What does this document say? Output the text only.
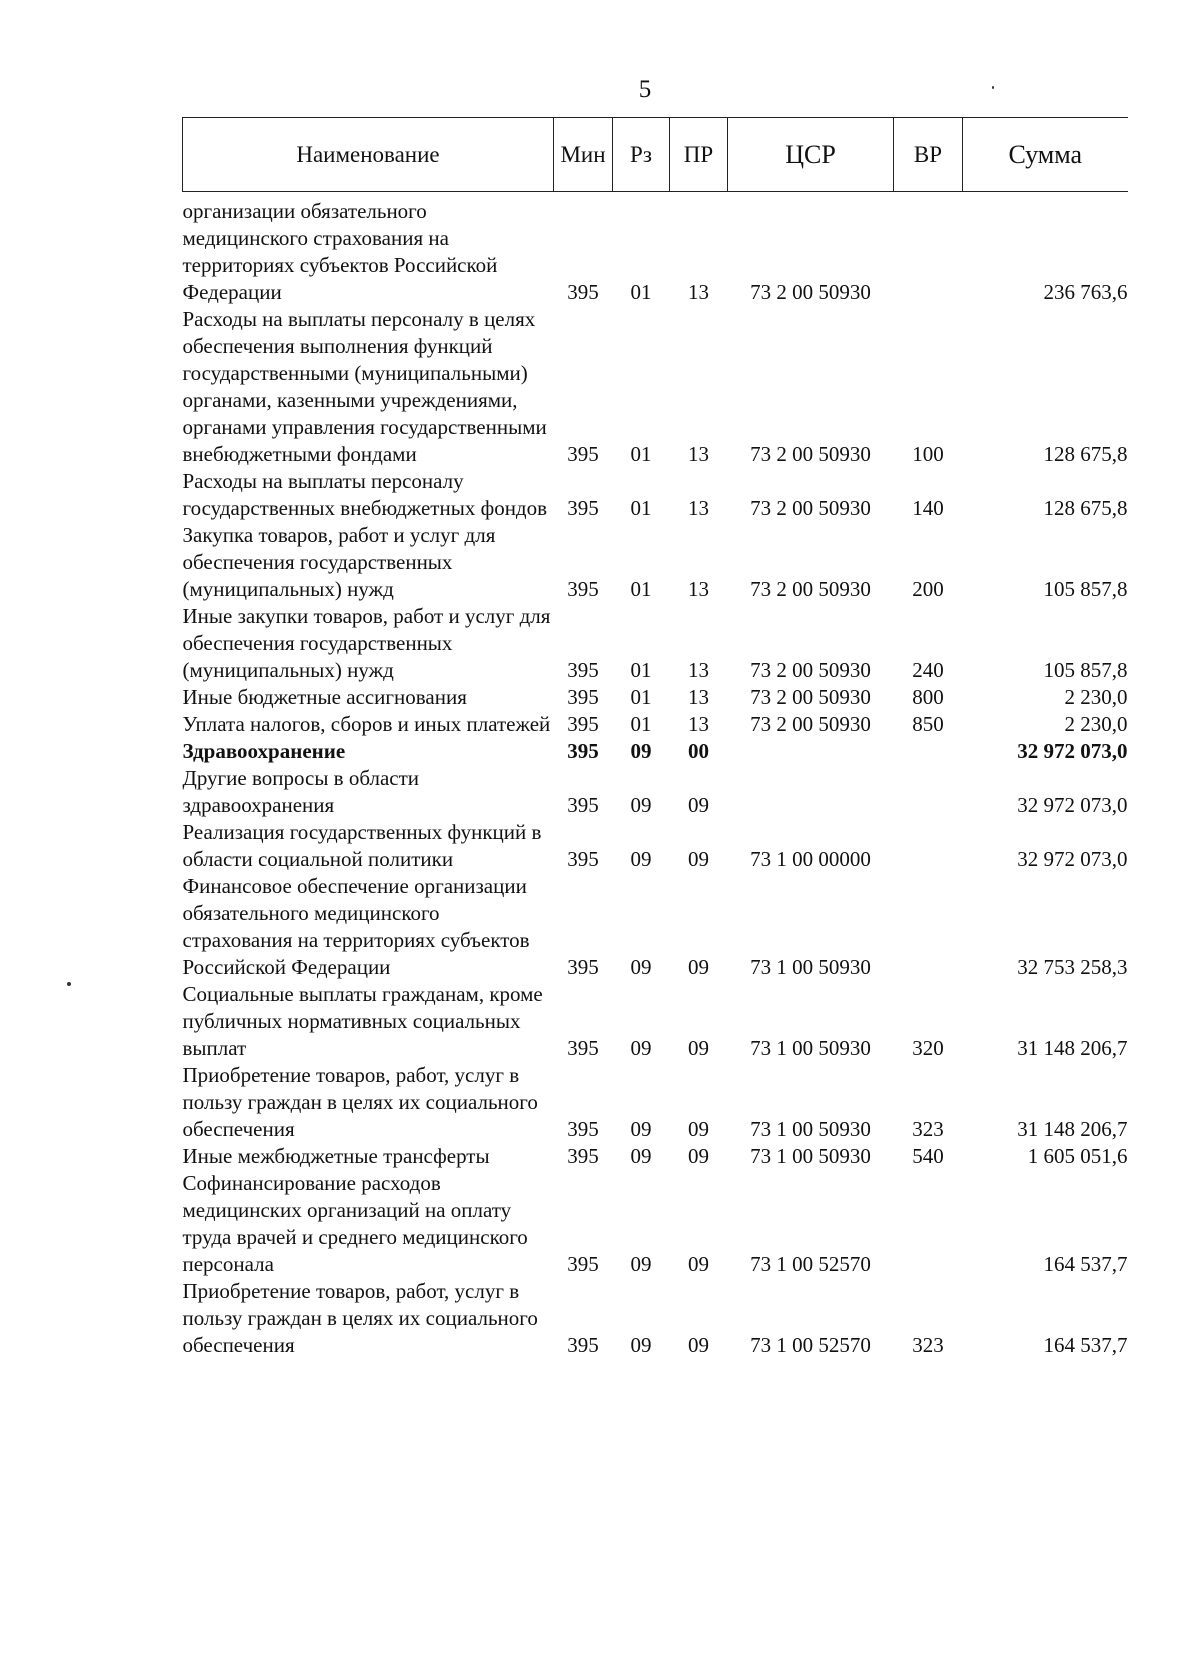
5
Наименование	Мин	Рз	ПР	ЦСР	ВР	Сумма

организации обязательного медицинского страхования на территориях субъектов Российской Федерации	395	01	13	73 2 00 50930		236 763,6
Расходы на выплаты персоналу в целях обеспечения выполнения функций государственными (муниципальными) органами, казенными учреждениями, органами управления государственными внебюджетными фондами	395	01	13	73 2 00 50930	100	128 675,8
Расходы на выплаты персоналу государственных внебюджетных фондов	395	01	13	73 2 00 50930	140	128 675,8
Закупка товаров, работ и услуг для обеспечения государственных (муниципальных) нужд	395	01	13	73 2 00 50930	200	105 857,8
Иные закупки товаров, работ и услуг для обеспечения государственных (муниципальных) нужд	395	01	13	73 2 00 50930	240	105 857,8
Иные бюджетные ассигнования	395	01	13	73 2 00 50930	800	2 230,0
Уплата налогов, сборов и иных платежей	395	01	13	73 2 00 50930	850	2 230,0
Здравоохранение	395	09	00			32 972 073,0
Другие вопросы в области здравоохранения	395	09	09			32 972 073,0
Реализация государственных функций в области социальной политики	395	09	09	73 1 00 00000		32 972 073,0
Финансовое обеспечение организации обязательного медицинского страхования на территориях субъектов Российской Федерации	395	09	09	73 1 00 50930		32 753 258,3
Социальные выплаты гражданам, кроме публичных нормативных социальных выплат	395	09	09	73 1 00 50930	320	31 148 206,7
Приобретение товаров, работ, услуг в пользу граждан в целях их социального обеспечения	395	09	09	73 1 00 50930	323	31 148 206,7
Иные межбюджетные трансферты	395	09	09	73 1 00 50930	540	1 605 051,6
Софинансирование расходов медицинских организаций на оплату труда врачей и среднего медицинского персонала	395	09	09	73 1 00 52570		164 537,7
Приобретение товаров, работ, услуг в пользу граждан в целях их социального обеспечения	395	09	09	73 1 00 52570	323	164 537,7
